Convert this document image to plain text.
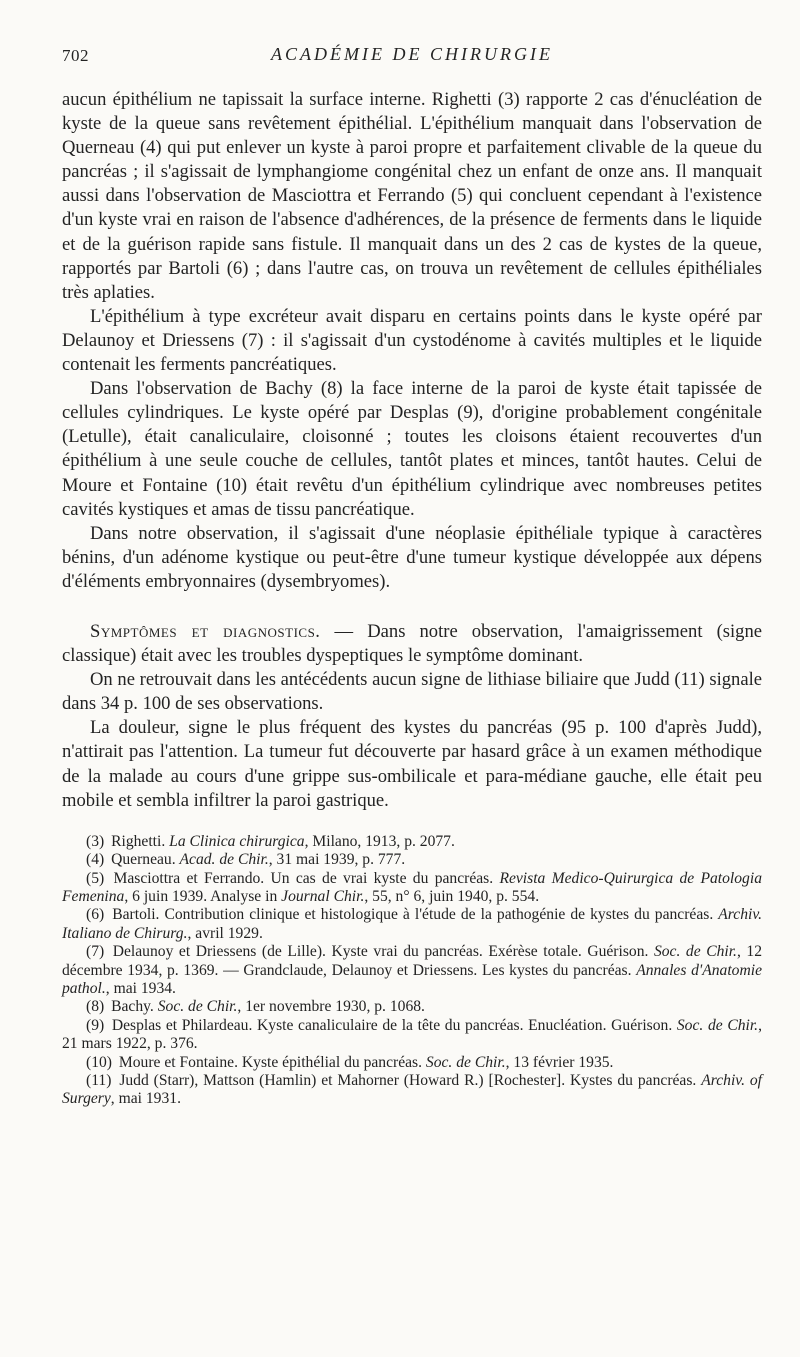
702	ACADÉMIE DE CHIRURGIE

aucun épithélium ne tapissait la surface interne. Righetti (3) rapporte 2 cas d'énucléation de kyste de la queue sans revêtement épithélial. L'épithélium manquait dans l'observation de Querneau (4) qui put enlever un kyste à paroi propre et parfaitement clivable de la queue du pancréas ; il s'agissait de lymphangiome congénital chez un enfant de onze ans. Il manquait aussi dans l'observation de Masciottra et Ferrando (5) qui concluent cependant à l'existence d'un kyste vrai en raison de l'absence d'adhérences, de la présence de ferments dans le liquide et de la guérison rapide sans fistule. Il manquait dans un des 2 cas de kystes de la queue, rapportés par Bartoli (6) ; dans l'autre cas, on trouva un revêtement de cellules épithéliales très aplaties.

L'épithélium à type excréteur avait disparu en certains points dans le kyste opéré par Delaunoy et Driessens (7) : il s'agissait d'un cystodénome à cavités multiples et le liquide contenait les ferments pancréatiques.

Dans l'observation de Bachy (8) la face interne de la paroi de kyste était tapissée de cellules cylindriques. Le kyste opéré par Desplas (9), d'origine probablement congénitale (Letulle), était canaliculaire, cloisonné ; toutes les cloisons étaient recouvertes d'un épithélium à une seule couche de cellules, tantôt plates et minces, tantôt hautes. Celui de Moure et Fontaine (10) était revêtu d'un épithélium cylindrique avec nombreuses petites cavités kystiques et amas de tissu pancréatique.

Dans notre observation, il s'agissait d'une néoplasie épithéliale typique à caractères bénins, d'un adénome kystique ou peut-être d'une tumeur kystique développée aux dépens d'éléments embryonnaires (dysembryomes).

Symptômes et diagnostics. — Dans notre observation, l'amaigrissement (signe classique) était avec les troubles dyspeptiques le symptôme dominant.

On ne retrouvait dans les antécédents aucun signe de lithiase biliaire que Judd (11) signale dans 34 p. 100 de ses observations.

La douleur, signe le plus fréquent des kystes du pancréas (95 p. 100 d'après Judd), n'attirait pas l'attention. La tumeur fut découverte par hasard grâce à un examen méthodique de la malade au cours d'une grippe sus-ombilicale et para-médiane gauche, elle était peu mobile et sembla infiltrer la paroi gastrique.

(3) Righetti. La Clinica chirurgica, Milano, 1913, p. 2077.

(4) Querneau. Acad. de Chir., 31 mai 1939, p. 777.

(5) Masciottra et Ferrando. Un cas de vrai kyste du pancréas. Revista Medico-Quirurgica de Patologia Femenina, 6 juin 1939. Analyse in Journal Chir., 55, n° 6, juin 1940, p. 554.

(6) Bartoli. Contribution clinique et histologique à l'étude de la pathogénie de kystes du pancréas. Archiv. Italiano de Chirurg., avril 1929.

(7) Delaunoy et Driessens (de Lille). Kyste vrai du pancréas. Exérèse totale. Guérison. Soc. de Chir., 12 décembre 1934, p. 1369. — Grandclaude, Delaunoy et Driessens. Les kystes du pancréas. Annales d'Anatomie pathol., mai 1934.

(8) Bachy. Soc. de Chir., 1er novembre 1930, p. 1068.

(9) Desplas et Philardeau. Kyste canaliculaire de la tête du pancréas. Enucléation. Guérison. Soc. de Chir., 21 mars 1922, p. 376.

(10) Moure et Fontaine. Kyste épithélial du pancréas. Soc. de Chir., 13 février 1935.

(11) Judd (Starr), Mattson (Hamlin) et Mahorner (Howard R.) [Rochester]. Kystes du pancréas. Archiv. of Surgery, mai 1931.
